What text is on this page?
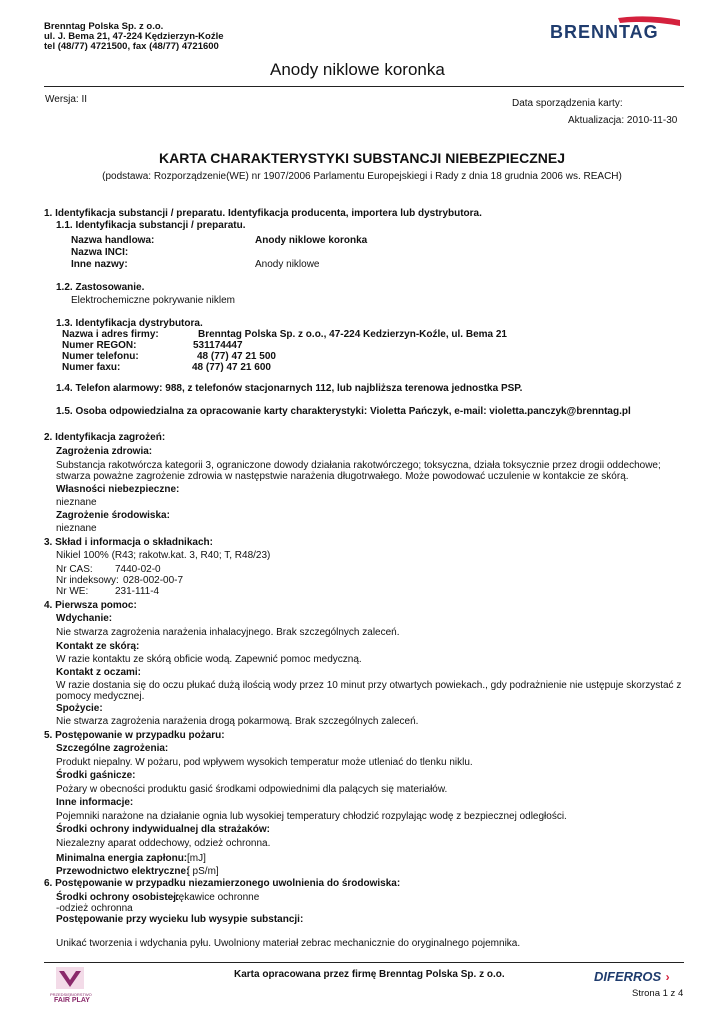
Brenntag Polska Sp. z o.o.
ul. J. Bema 21, 47-224 Kędzierzyn-Koźle
tel (48/77) 4721500, fax (48/77) 4721600
BRENNTAG
Anody niklowe koronka
Wersja: II	Data sporządzenia karty:
Aktualizacja: 2010-11-30
KARTA CHARAKTERYSTYKI SUBSTANCJI NIEBEZPIECZNEJ
(podstawa: Rozporządzenie(WE) nr 1907/2006 Parlamentu Europejskiegi i Rady z dnia 18 grudnia 2006 ws. REACH)
1. Identyfikacja substancji / preparatu. Identyfikacja producenta, importera lub dystrybutora.
1.1. Identyfikacja substancji / preparatu.
Nazwa handlowa:	Anody niklowe koronka
Nazwa INCI:
Inne nazwy:	Anody niklowe
1.2. Zastosowanie.
Elektrochemiczne pokrywanie niklem
1.3. Identyfikacja dystrybutora.
Nazwa i adres firmy:	Brenntag Polska Sp. z o.o., 47-224 Kedzierzyn-Koźle, ul. Bema 21
Numer REGON:	531174447
Numer telefonu:	48 (77) 47 21 500
Numer faxu:	48 (77) 47 21 600
1.4. Telefon alarmowy: 988, z telefonów stacjonarnych 112, lub najbliższa terenowa jednostka PSP.
1.5. Osoba odpowiedzialna za opracowanie karty charakterystyki: Violetta Pańczyk, e-mail: violetta.panczyk@brenntag.pl
2. Identyfikacja zagrożeń:
Zagrożenia zdrowia:
Substancja rakotwórcza kategorii 3, ograniczone dowody działania rakotwórczego; toksyczna, działa toksycznie przez drogii oddechowe;
stwarza poważne zagrożenie zdrowia w następstwie narażenia długotrwałego. Może powodować uczulenie w kontakcie ze skórą.
Własności niebezpieczne:
nieznane
Zagrożenie środowiska:
nieznane
3. Skład i informacja o składnikach:
Nikiel 100% (R43; rakotw.kat. 3, R40; T, R48/23)
Nr CAS: 7440-02-0
Nr indeksowy: 028-002-00-7
Nr WE:	231-111-4
4. Pierwsza pomoc:
Wdychanie:
Nie stwarza zagrożenia narażenia inhalacyjnego. Brak szczególnych zaleceń.
Kontakt ze skórą:
W razie kontaktu ze skórą obficie wodą. Zapewnić pomoc medyczną.
Kontakt z oczami:
W razie dostania się do oczu płukać dużą ilością wody przez 10 minut przy otwartych powiekach., gdy podrażnienie nie ustępuje skorzystać z
pomocy medycznej.
Spożycie:
Nie stwarza zagrożenia narażenia drogą pokarmową. Brak szczególnych zaleceń.
5. Postępowanie w przypadku pożaru:
Szczególne zagrożenia:
Produkt niepalny. W pożaru, pod wpływem wysokich temperatur może utleniać do tlenku niklu.
Środki gaśnicze:
Pożary w obecności produktu gasić środkami odpowiednimi dla palących się materiałów.
Inne informacje:
Pojemniki narażone na działanie ognia lub wysokiej temperatury chłodzić rozpylając wodę z bezpiecznej odległości.
Środki ochrony indywidualnej dla strażaków:
Niezalezny aparat oddechowy, odzież ochronna.
Minimalna energia zapłonu: [mJ]
Przewodnictwo elektryczne:
[ pS/m]
6. Postępowanie w przypadku niezamierzonego uwolnienia do środowiska:
Środki ochrony osobistej:
-rękawice ochronne
-odzież ochronna
Postępowanie przy wycieku lub wysypie substancji:
Unikać tworzenia i wdychania pyłu. Uwolniony materiał zebrac mechanicznie do oryginalnego pojemnika.
PRZEDSIĘBIORSTWO
FAIR PLAY
Karta opracowana przez firmę Brenntag Polska Sp. z o.o.	DIFERROS ›
Strona 1 z 4
